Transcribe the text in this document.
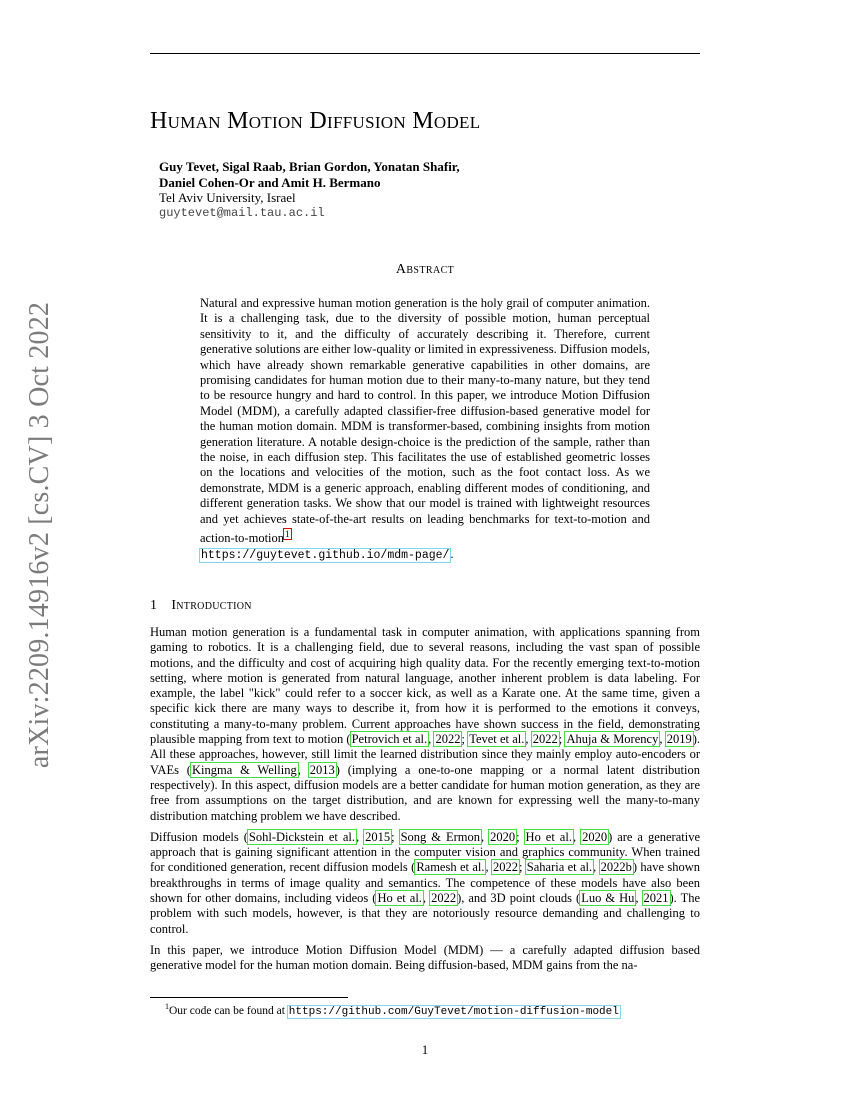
arXiv:2209.14916v2 [cs.CV] 3 Oct 2022
Human Motion Diffusion Model
Guy Tevet, Sigal Raab, Brian Gordon, Yonatan Shafir,
Daniel Cohen-Or and Amit H. Bermano
Tel Aviv University, Israel
guytevet@mail.tau.ac.il
Abstract
Natural and expressive human motion generation is the holy grail of computer animation. It is a challenging task, due to the diversity of possible motion, human perceptual sensitivity to it, and the difficulty of accurately describing it. Therefore, current generative solutions are either low-quality or limited in expressiveness. Diffusion models, which have already shown remarkable generative capabilities in other domains, are promising candidates for human motion due to their many-to-many nature, but they tend to be resource hungry and hard to control. In this paper, we introduce Motion Diffusion Model (MDM), a carefully adapted classifier-free diffusion-based generative model for the human motion domain. MDM is transformer-based, combining insights from motion generation literature. A notable design-choice is the prediction of the sample, rather than the noise, in each diffusion step. This facilitates the use of established geometric losses on the locations and velocities of the motion, such as the foot contact loss. As we demonstrate, MDM is a generic approach, enabling different modes of conditioning, and different generation tasks. We show that our model is trained with lightweight resources and yet achieves state-of-the-art results on leading benchmarks for text-to-motion and action-to-motion$^1$
https://guytevet.github.io/mdm-page/.
1 Introduction

Human motion generation is a fundamental task in computer animation, with applications spanning from gaming to robotics. It is a challenging field, due to several reasons, including the vast span of possible motions, and the difficulty and cost of acquiring high quality data. For the recently emerging text-to-motion setting, where motion is generated from natural language, another inherent problem is data labeling. For example, the label "kick" could refer to a soccer kick, as well as a Karate one. At the same time, given a specific kick there are many ways to describe it, from how it is performed to the emotions it conveys, constituting a many-to-many problem. Current approaches have shown success in the field, demonstrating plausible mapping from text to motion (Petrovich et al., 2022; Tevet et al., 2022; Ahuja & Morency, 2019). All these approaches, however, still limit the learned distribution since they mainly employ auto-encoders or VAEs (Kingma & Welling, 2013) (implying a one-to-one mapping or a normal latent distribution respectively). In this aspect, diffusion models are a better candidate for human motion generation, as they are free from assumptions on the target distribution, and are known for expressing well the many-to-many distribution matching problem we have described.

Diffusion models (Sohl-Dickstein et al., 2015; Song & Ermon, 2020; Ho et al., 2020) are a generative approach that is gaining significant attention in the computer vision and graphics community. When trained for conditioned generation, recent diffusion models (Ramesh et al., 2022; Saharia et al., 2022b) have shown breakthroughs in terms of image quality and semantics. The competence of these models have also been shown for other domains, including videos (Ho et al., 2022), and 3D point clouds (Luo & Hu, 2021). The problem with such models, however, is that they are notoriously resource demanding and challenging to control.

In this paper, we introduce Motion Diffusion Model (MDM) — a carefully adapted diffusion based generative model for the human motion domain. Being diffusion-based, MDM gains from the na-

$^1$Our code can be found at https://github.com/GuyTevet/motion-diffusion-model
1
